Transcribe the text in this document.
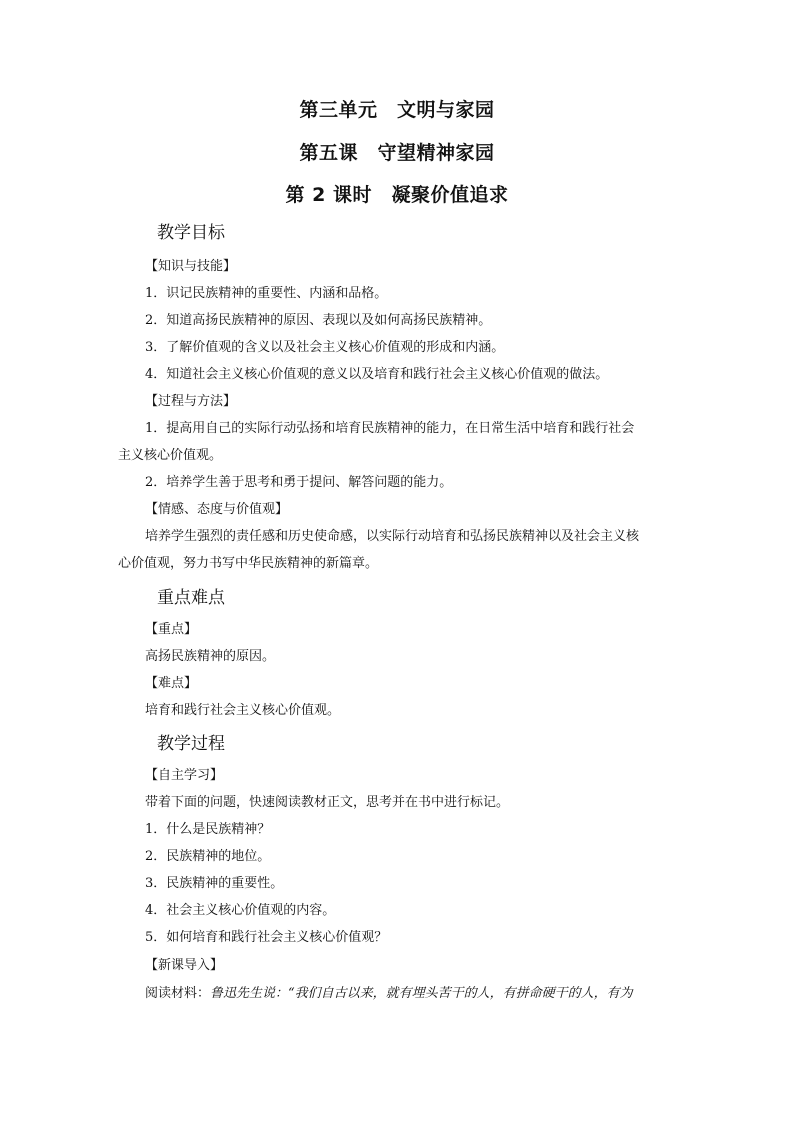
第三单元　文明与家园
第五课　守望精神家园
第 2 课时　凝聚价值追求
教学目标
【知识与技能】
1．识记民族精神的重要性、内涵和品格。
2．知道高扬民族精神的原因、表现以及如何高扬民族精神。
3．了解价值观的含义以及社会主义核心价值观的形成和内涵。
4．知道社会主义核心价值观的意义以及培育和践行社会主义核心价值观的做法。
【过程与方法】
1．提高用自己的实际行动弘扬和培育民族精神的能力，在日常生活中培育和践行社会
主义核心价值观。
2．培养学生善于思考和勇于提问、解答问题的能力。
【情感、态度与价值观】
培养学生强烈的责任感和历史使命感，以实际行动培育和弘扬民族精神以及社会主义核
心价值观，努力书写中华民族精神的新篇章。
重点难点
【重点】
高扬民族精神的原因。
【难点】
培育和践行社会主义核心价值观。
教学过程
【自主学习】
带着下面的问题，快速阅读教材正文，思考并在书中进行标记。
1．什么是民族精神？
2．民族精神的地位。
3．民族精神的重要性。
4．社会主义核心价值观的内容。
5．如何培育和践行社会主义核心价值观？
【新课导入】
阅读材料：鲁迅先生说：“我们自古以来，就有埋头苦干的人，有拼命硬干的人，有为
